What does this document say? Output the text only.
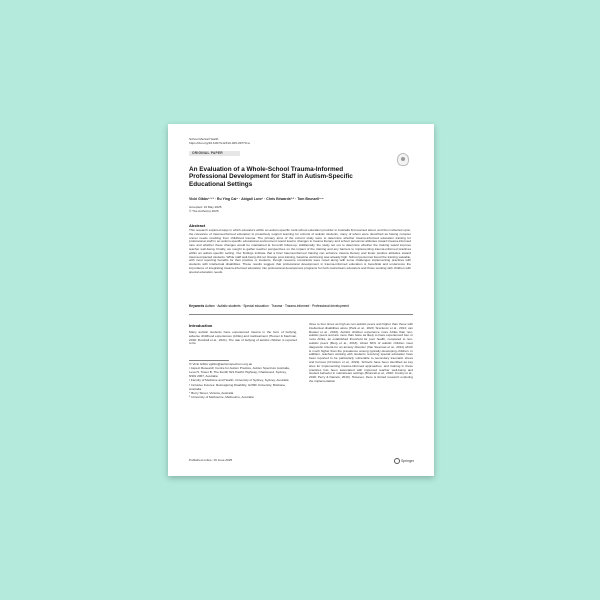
School Mental Health
https://doi.org/10.1007/s12310-025-09770-w
ORIGINAL PAPER
An Evaluation of a Whole-School Trauma-Informed Professional Development for Staff in Autism-Specific Educational Settings
Vicki Gibbs¹·²·³ · Ru Ying Cai⁴ · Abigail Love¹ · Chris Edwards²·³ · Tom Brunzell⁵·⁶
Accepted: 16 May 2025
© The Author(s) 2025
Abstract
This research explored ways in which educators within an autism-specific multi-school education provider in Australia first learned about, and then reflected upon, the relevance of trauma-informed education to proactively support learning for cohorts of autistic students, many of whom were described as having complex unmet needs resulting from childhood trauma. The primary aims of the current study were to determine whether trauma-informed education training for professional staff in an autism-specific educational environment would lead to changes in trauma literacy and school personnel attitudes toward trauma-informed care and whether these changes would be maintained at 9-month follow-up. Additionally, the study set out to determine whether the training would improve teacher well-being. Finally, we sought to gather teacher perspectives on the impact of the training and any barriers to implementing trauma-informed practices within an autism-specific setting. Our findings indicate that a brief trauma-informed training can enhance trauma literacy and foster positive attitudes toward trauma-impacted students. While staff well-being did not change post-training, baseline well-being was already high. School personnel found the training valuable, with most reporting benefits for their practice or students, though resource constraints were noted along with some challenges implementing practices with students with intellectual disabilities. These results suggest that professional development in trauma-informed education is beneficial and underscore the importance of integrating trauma-informed education into professional development programs for both mainstream educators and those working with children with special education needs.
Keywords Autism · Autistic students · Special education · Trauma · Trauma-informed · Professional development
Introduction
Many autistic students have experienced trauma in the form of bullying, adverse childhood experiences (ACEs) and maltreatment (Hoover & Kaufman, 2018; Rumball et al., 2021). The rate of bullying of autistic children is reported to be
✉ Vicki Gibbs vgibbs@autismspectrum.org.au
¹ Aspect Research Centre for Autism Practice, Autism Spectrum Australia, Level 5, Tower B, The Zenith 821 Pacific Highway, Chatswood, Sydney, NSW 2067, Australia
² Faculty of Medicine and Health, University of Sydney, Sydney, Australia
³ Inclusive Futures: Reimagining Disability, Griffith University, Brisbane, Australia
⁴ Berry Street, Victoria, Australia
⁵ University of Melbourne, Melbourne, Australia
Published online: 16 June 2025
three to four times as high as non-autistic peers and higher than those with intellectual disabilities alone (Park et al., 2020; Sreckovic et al., 2014; van Roekel et al., 2010). Autistic children experience more ACEs than non-autistic peers and are more than twice as likely to have experienced four or more ACEs, an established threshold for poor health, compared to non-autistic peers (Berg et al., 2016). About 60% of autistic children meet diagnostic criteria for an anxiety disorder (Van Steensel et al., 2011) which is much higher than the prevalence among typically developing children. In addition, teachers working with students receiving special education have been reported to be particularly vulnerable to secondary traumatic stress and burnout (Ormiston et al., 2022). Schools have been identified as key sites for implementing trauma-informed approaches, and training in these practices has been associated with improved teacher well-being and student behavior in mainstream settings (Brunzell et al., 2022; Crosby et al., 2018; Perry & Daniels, 2016). However, there is limited research exploring the implementation
Springer
